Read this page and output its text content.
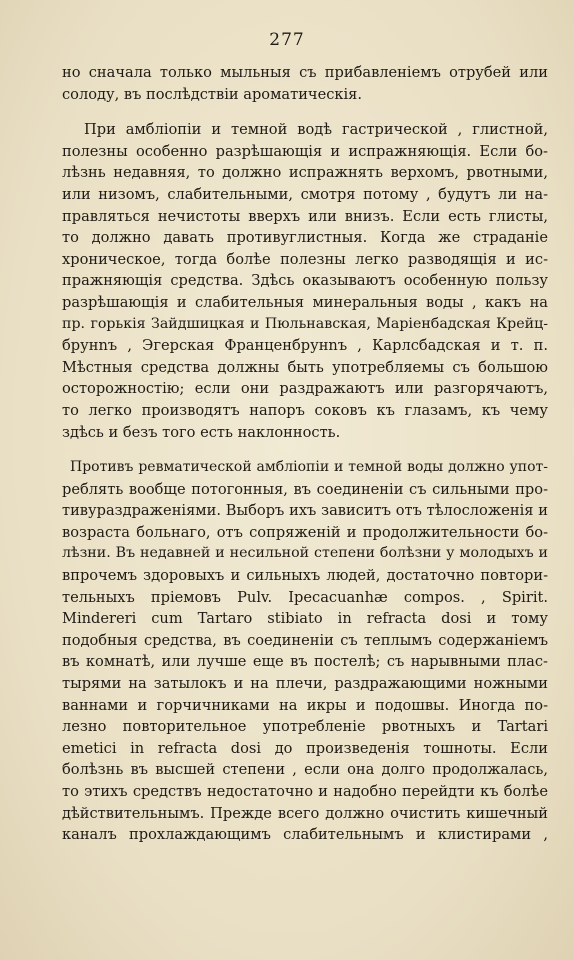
277
но сначала только мыльныя съ прибавленіемъ отрубей или
солоду, въ послѣдствіи ароматическія.
При амбліопіи и темной водѣ гастрической , глистной,
полезны особенно разрѣшающія и испражняющія. Если бо-
лѣзнь недавняя, то должно испражнять верхомъ, рвотными,
или низомъ, слабительными, смотря потому , будутъ ли на-
правляться нечистоты вверхъ или внизъ. Если есть глисты,
то должно давать противуглистныя. Когда же страданіе
хроническое, тогда болѣе полезны легко разводящія и ис-
пражняющія средства. Здѣсь оказываютъ особенную пользу
разрѣшающія и слабительныя минеральныя воды , какъ на
пр. горькія Зайдшицкая и Пюльнавская, Маріенбадская Крейц-
брунnъ , Эгерская Франценбрунnъ , Карлсбадская и т. п.
Мѣстныя средства должны быть употребляемы съ большою
осторожностію; если они раздражаютъ или разгорячаютъ,
то легко производятъ напоръ соковъ къ глазамъ, къ чему
здѣсь и безъ того есть наклонность.
Противъ ревматической амбліопіи и темной воды должно упот-
реблять вообще потогонныя, въ соединеніи съ сильными про-
тивураздраженіями. Выборъ ихъ зависитъ отъ тѣлосложенія и
возраста больнаго, отъ сопряженій и продолжительности бо-
лѣзни. Въ недавней и несильной степени болѣзни у молодыхъ и
впрочемъ здоровыхъ и сильныхъ людей, достаточно повтори-
тельныхъ пріемовъ Pulv. Ipecacuanhæ compos. , Spirit.
Mindereri cum Tartaro stibiato in refracta dosi и тому
подобныя средства, въ соединеніи съ теплымъ содержаніемъ
въ комнатѣ, или лучше еще въ постелѣ; съ нарывными плас-
тырями на затылокъ и на плечи, раздражающими ножными
ваннами и горчичниками на икры и подошвы. Иногда по-
лезно повторительное употребленіе рвотныхъ и Tartari
emetici in refracta dosi до произведенія тошноты. Если
болѣзнь въ высшей степени , если она долго продолжалась,
то этихъ средствъ недостаточно и надобно перейдти къ болѣе
дѣйствительнымъ. Прежде всего должно очистить кишечный
каналъ прохлаждающимъ слабительнымъ и клистирами ,
